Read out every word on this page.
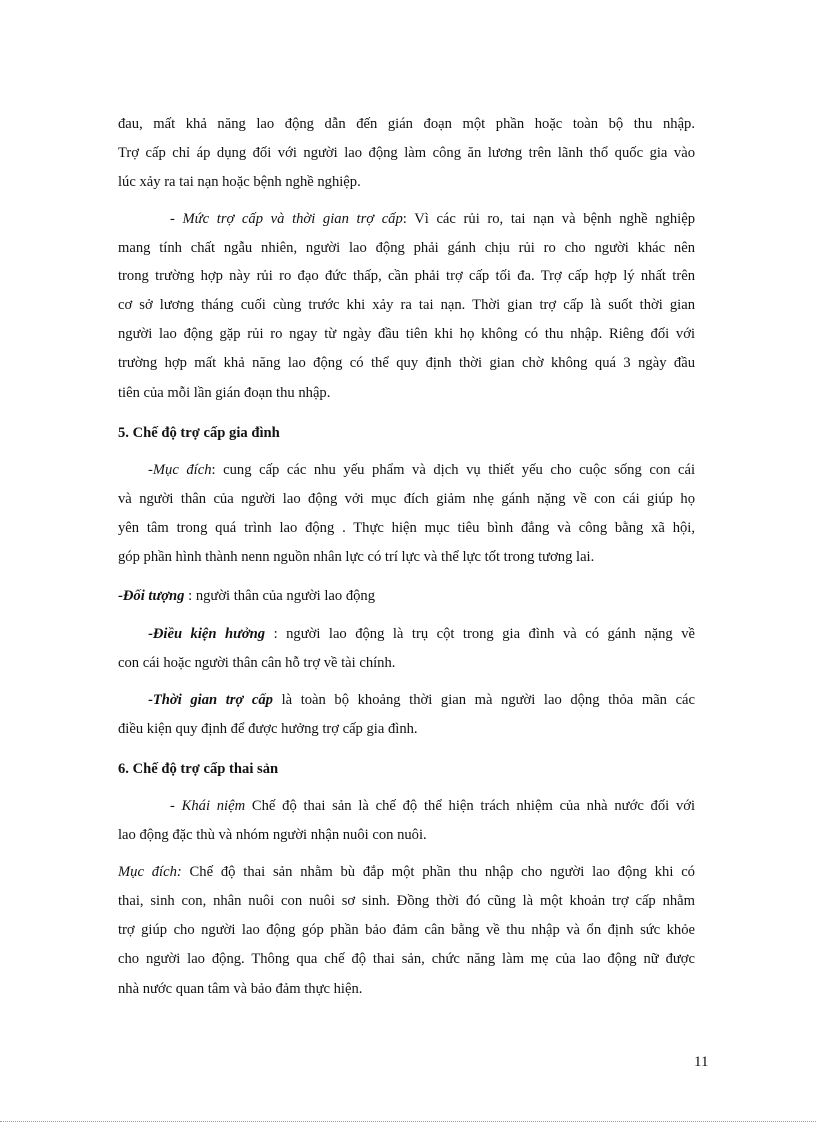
đau, mất khả năng lao động dẫn đến gián đoạn một phần hoặc toàn bộ thu nhập.
Trợ cấp chỉ áp dụng đối với người lao động làm công ăn lương trên lãnh thổ quốc gia vào
lúc xảy ra tai nạn hoặc bệnh nghề nghiệp.
- Mức trợ cấp và thời gian trợ cấp: Vì các rủi ro, tai nạn và bệnh nghề nghiệp
mang tính chất ngẫu nhiên, người lao động phải gánh chịu rủi ro cho người khác nên
trong trường hợp này rủi ro đạo đức thấp, cần phải trợ cấp tối đa. Trợ cấp hợp lý nhất trên
cơ sở lương tháng cuối cùng trước khi xảy ra tai nạn. Thời gian trợ cấp là suốt thời gian
người lao động gặp rủi ro ngay từ ngày đầu tiên khi họ không có thu nhập. Riêng đối với
trường hợp mất khả năng lao động có thể quy định thời gian chờ không quá 3 ngày đầu
tiên của mỗi lần gián đoạn thu nhập.
5. Chế độ trợ cấp gia đình
-Mục đích: cung cấp các nhu yếu phẩm và dịch vụ thiết yếu cho cuộc sống con cái
và người thân của người lao động vởi mục đích giảm nhẹ gánh nặng về con cái giúp họ
yên tâm trong quá trình lao động . Thực hiện mục tiêu bình đẳng và công bằng xã hội,
góp phần hình thành nenn nguồn nhân lực có trí lực và thể lực tốt trong tương lai.
-Đối tượng : người thân của người lao động
-Điều kiện hưởng : người lao động là trụ cột trong gia đình và có gánh nặng về
con cái hoặc người thân cân hỗ trợ về tài chính.
-Thời gian trợ cấp là toàn bộ khoảng thời gian mà người lao dộng thỏa mãn các
điều kiện quy định để được hưởng trợ cấp gia đình.
6. Chế độ trợ cấp thai sản
- Khái niệm Chế độ thai sản là chế độ thể hiện trách nhiệm của nhà nước đối với
lao động đặc thù và nhóm người nhận nuôi con nuôi.
Mục đích: Chế độ thai sản nhằm bù đắp một phần thu nhập cho người lao động khi có
thai, sinh con, nhân nuôi con nuôi sơ sinh. Đồng thời đó cũng là một khoản trợ cấp nhằm
trợ giúp cho người lao động góp phần bảo đảm cân bằng về thu nhập và ổn định sức khỏe
cho người lao động. Thông qua chế độ thai sản, chức năng làm mẹ của lao động nữ được
nhà nước quan tâm và bảo đảm thực hiện.
11
